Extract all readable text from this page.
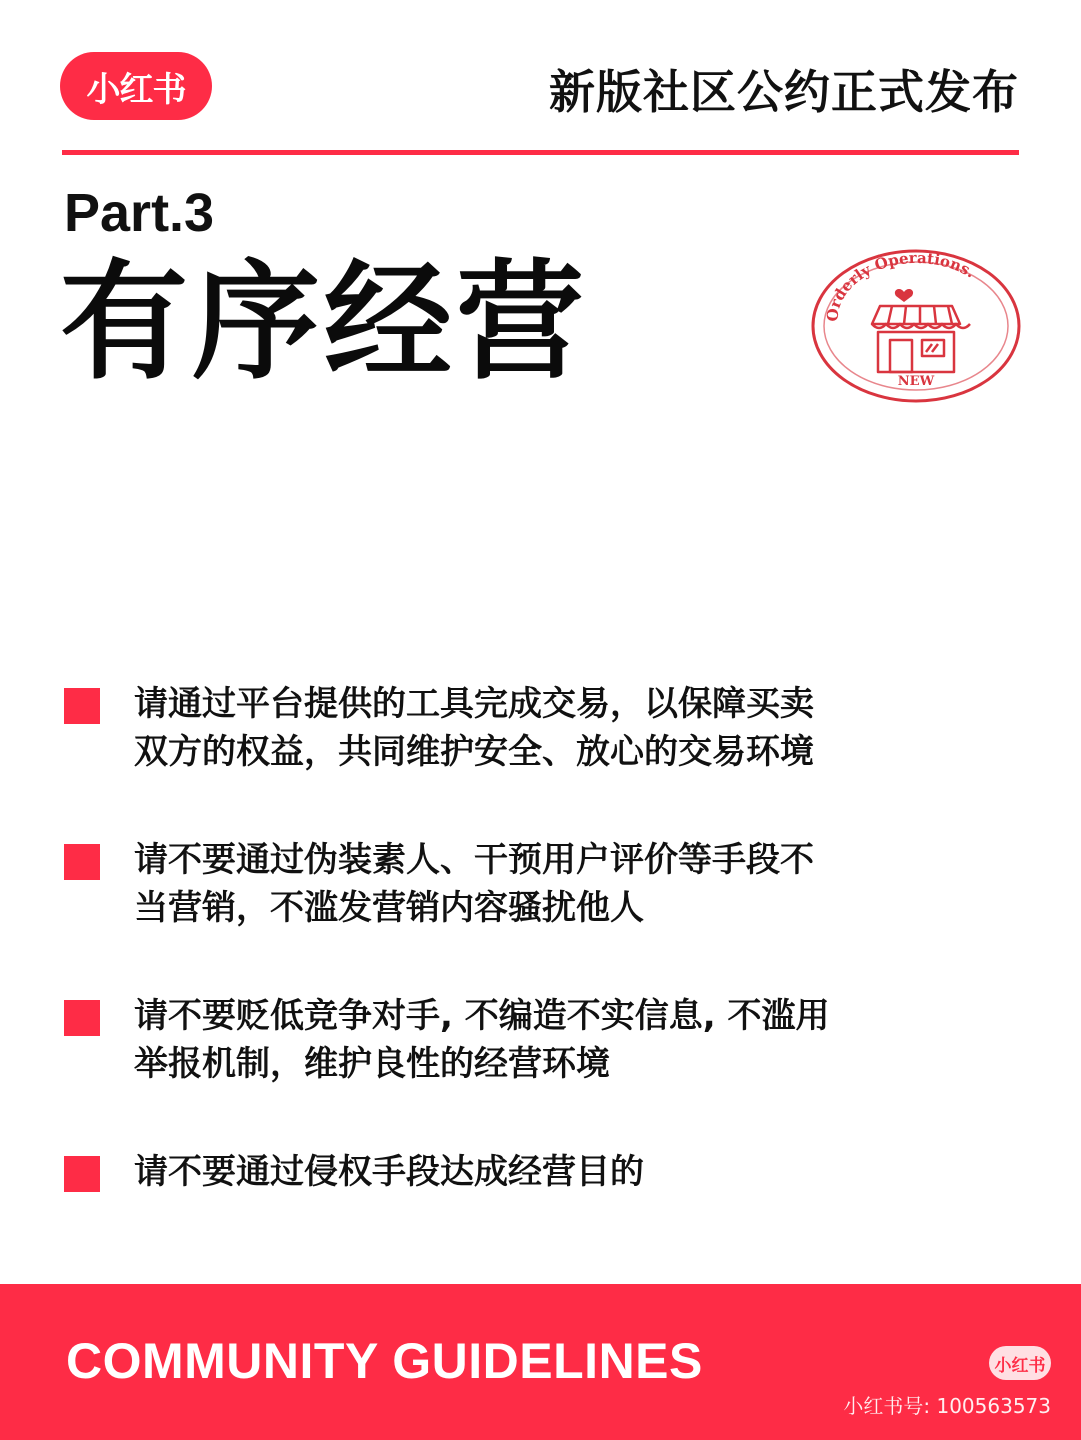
小红书	新版社区公约正式发布
Part.3
有序经营	Orderly Operations.
NEW
请通过平台提供的工具完成交易，以保障买卖
双方的权益，共同维护安全、放心的交易环境
请不要通过伪装素人、干预用户评价等手段不
当营销，不滥发营销内容骚扰他人
请不要贬低竞争对手, 不编造不实信息, 不滥用
举报机制，维护良性的经营环境
请不要通过侵权手段达成经营目的
COMMUNITY GUIDELINES	小红书
小红书号: 100563573
